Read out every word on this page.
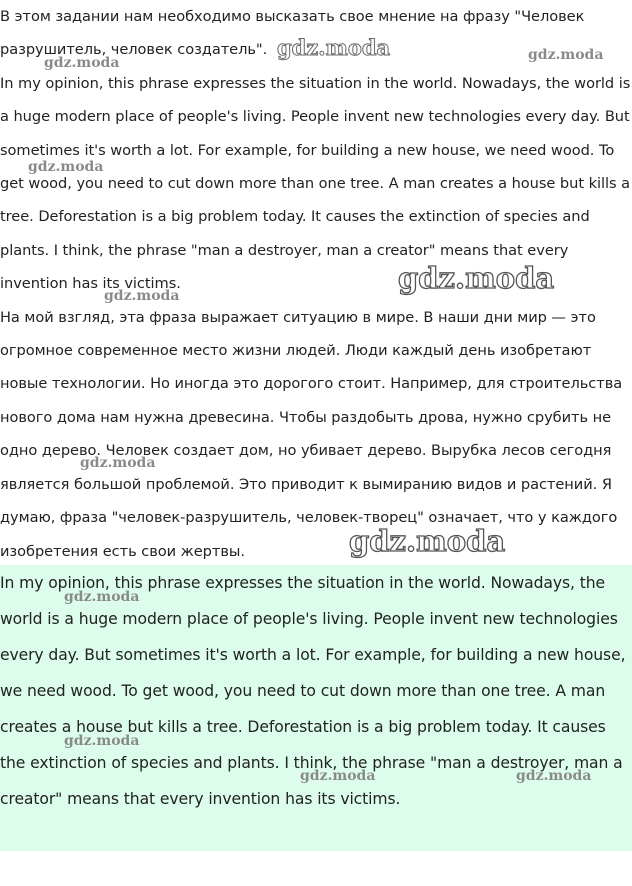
В этом задании нам необходимо высказать свое мнение на фразу "Человек разрушитель, человек создатель".

In my opinion, this phrase expresses the situation in the world. Nowadays, the world is a huge modern place of people's living. People invent new technologies every day. But sometimes it's worth a lot. For example, for building a new house, we need wood. To get wood, you need to cut down more than one tree. A man creates a house but kills a tree. Deforestation is a big problem today. It causes the extinction of species and plants. I think, the phrase "man a destroyer, man a creator" means that every invention has its victims.

На мой взгляд, эта фраза выражает ситуацию в мире. В наши дни мир — это огромное современное место жизни людей. Люди каждый день изобретают новые технологии. Но иногда это дорогого стоит. Например, для строительства нового дома нам нужна древесина. Чтобы раздобыть дрова, нужно срубить не одно дерево. Человек создает дом, но убивает дерево. Вырубка лесов сегодня является большой проблемой. Это приводит к вымиранию видов и растений. Я думаю, фраза "человек-разрушитель, человек-творец" означает, что у каждого изобретения есть свои жертвы.

In my opinion, this phrase expresses the situation in the world. Nowadays, the world is a huge modern place of people's living. People invent new technologies every day. But sometimes it's worth a lot. For example, for building a new house, we need wood. To get wood, you need to cut down more than one tree. A man creates a house but kills a tree. Deforestation is a big problem today. It causes the extinction of species and plants. I think, the phrase "man a destroyer, man a creator" means that every invention has its victims.

gdz.moda
gdz.moda	gdz.moda
gdz.moda
gdz.moda
gdz.moda
gdz.moda
gdz.moda
gdz.moda
gdz.moda
gdz.moda	gdz.moda
